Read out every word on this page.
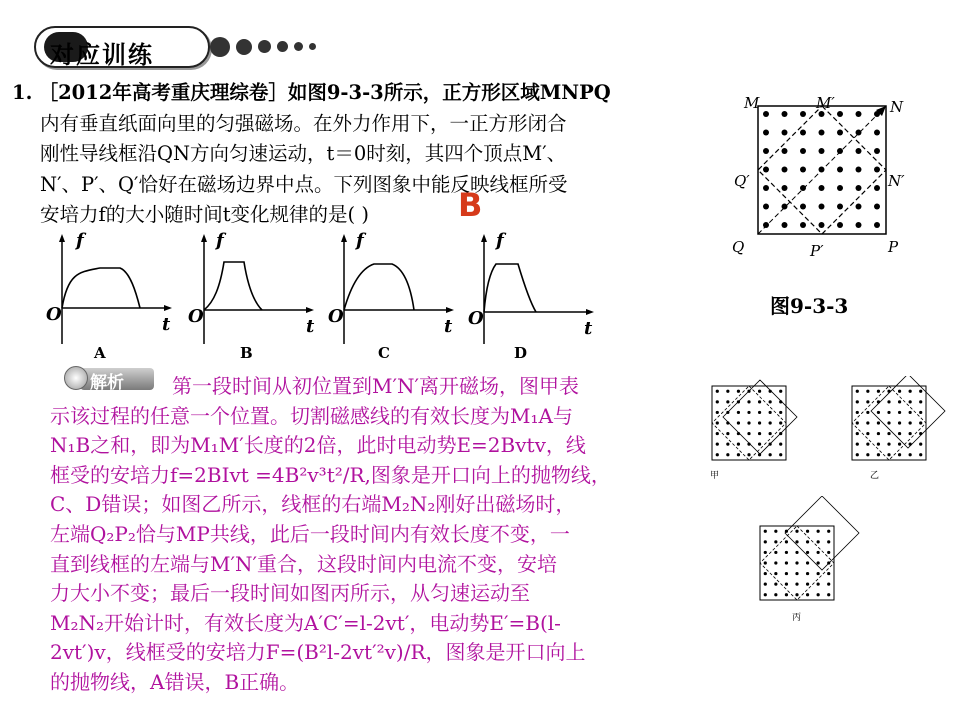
对应训练
1. ［2012年高考重庆理综卷］如图9-3-3所示，正方形区域MNPQ
内有垂直纸面向里的匀强磁场。在外力作用下，一正方形闭合
刚性导线框沿QN方向匀速运动，t＝0时刻，其四个顶点M′、
N′、P′、Q′恰好在磁场边界中点。下列图象中能反映线框所受
安培力f的大小随时间t变化规律的是( )	B
f
t
O
A
f
t
O
B
f
t
O
C
f
t
O
D
M	M′	N
Q′	N′
Q	P′	P
图9-3-3
解析	第一段时间从初位置到M′N′离开磁场，图甲表
示该过程的任意一个位置。切割磁感线的有效长度为M₁A与
N₁B之和，即为M₁M′长度的2倍，此时电动势E=2Bvtv，线
框受的安培力f=2BIvt =4B²v³t²/R,图象是开口向上的抛物线，
C、D错误；如图乙所示，线框的右端M₂N₂刚好出磁场时，
左端Q₂P₂恰与MP共线，此后一段时间内有效长度不变，一
直到线框的左端与M′N′重合，这段时间内电流不变，安培
力大小不变；最后一段时间如图丙所示，从匀速运动至
M₂N₂开始计时，有效长度为A′C′=l-2vt′，电动势E′=B(l-
2vt′)v，线框受的安培力F=(B²l-2vt′²v)/R，图象是开口向上
的抛物线，A错误，B正确。
甲	乙
丙
